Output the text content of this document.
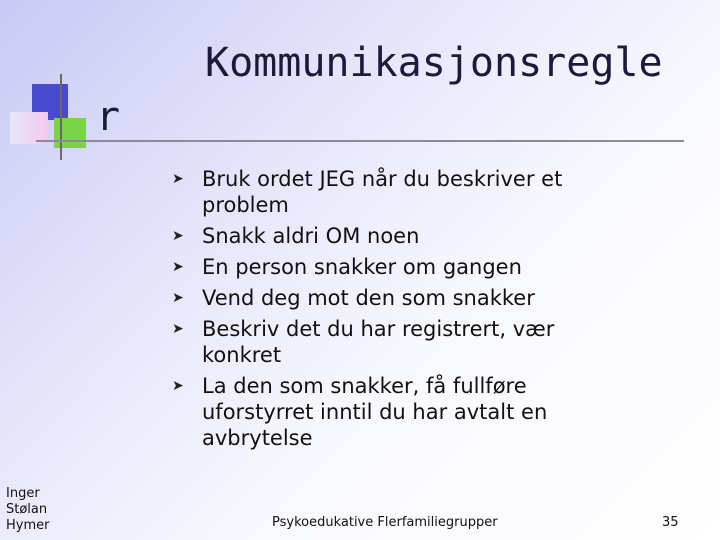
Kommunikasjonsregle
r
➤ Bruk ordet JEG når du beskriver et problem
➤ Snakk aldri OM noen
➤ En person snakker om gangen
➤ Vend deg mot den som snakker
➤ Beskriv det du har registrert, vær konkret
➤ La den som snakker, få fullføre uforstyrret inntil du har avtalt en avbrytelse
Inger
Stølan
Hymer	Psykoedukative Flerfamiliegrupper	35
